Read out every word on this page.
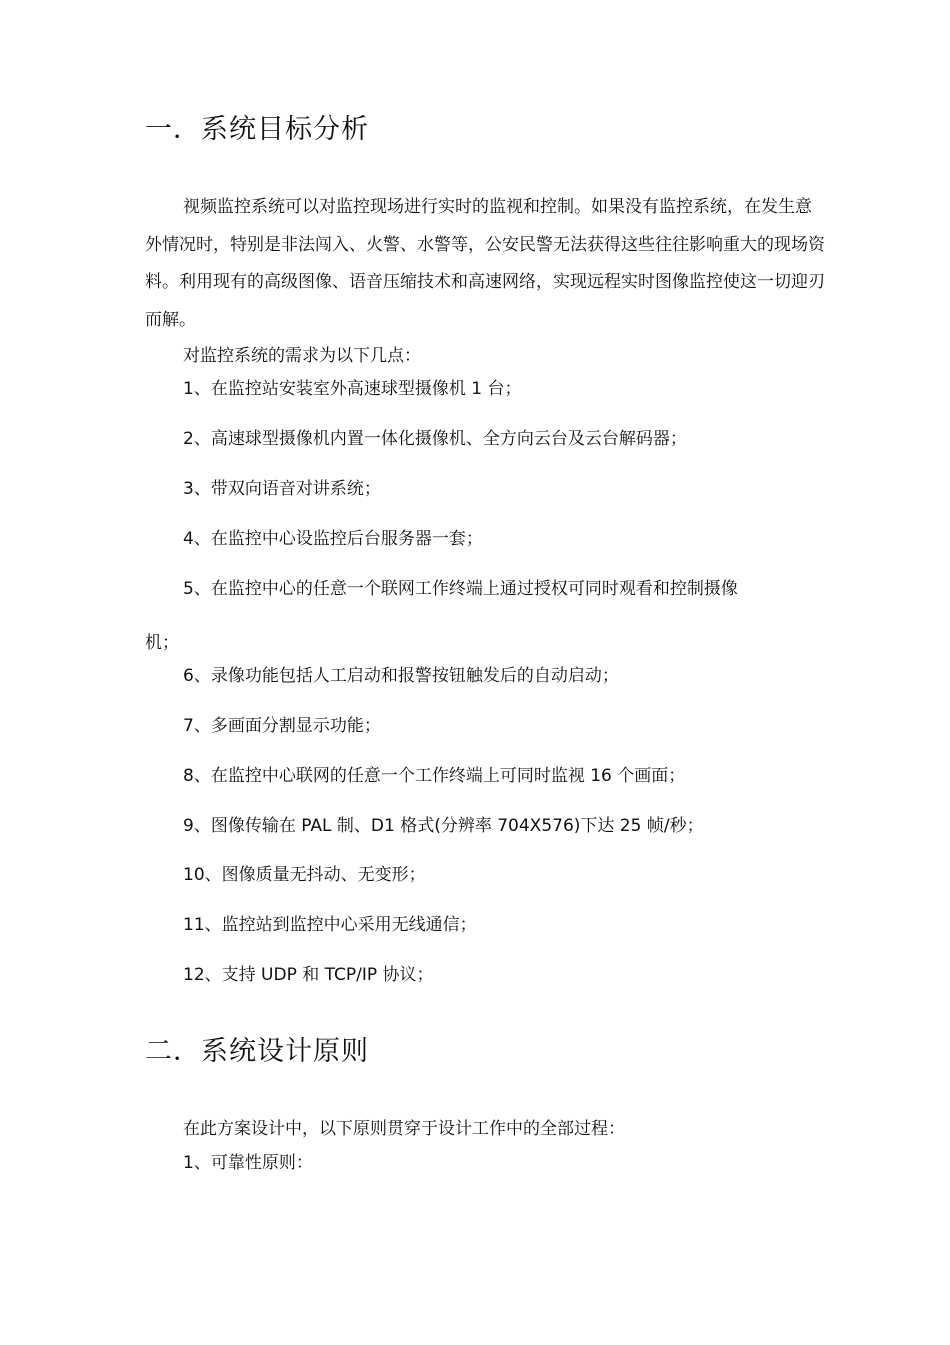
一．系统目标分析

视频监控系统可以对监控现场进行实时的监视和控制。如果没有监控系统，在发生意外情况时，特别是非法闯入、火警、水警等，公安民警无法获得这些往往影响重大的现场资料。利用现有的高级图像、语音压缩技术和高速网络，实现远程实时图像监控使这一切迎刃而解。

对监控系统的需求为以下几点：

1、在监控站安装室外高速球型摄像机 1 台；

2、高速球型摄像机内置一体化摄像机、全方向云台及云台解码器；

3、带双向语音对讲系统；

4、在监控中心设监控后台服务器一套；

5、在监控中心的任意一个联网工作终端上通过授权可同时观看和控制摄像

机；

6、录像功能包括人工启动和报警按钮触发后的自动启动；

7、多画面分割显示功能；

8、在监控中心联网的任意一个工作终端上可同时监视 16 个画面；

9、图像传输在 PAL 制、D1 格式(分辨率 704X576)下达 25 帧/秒；

10、图像质量无抖动、无变形；

11、监控站到监控中心采用无线通信；

12、支持 UDP 和 TCP/IP 协议；

二．系统设计原则

在此方案设计中，以下原则贯穿于设计工作中的全部过程：

1、可靠性原则：
